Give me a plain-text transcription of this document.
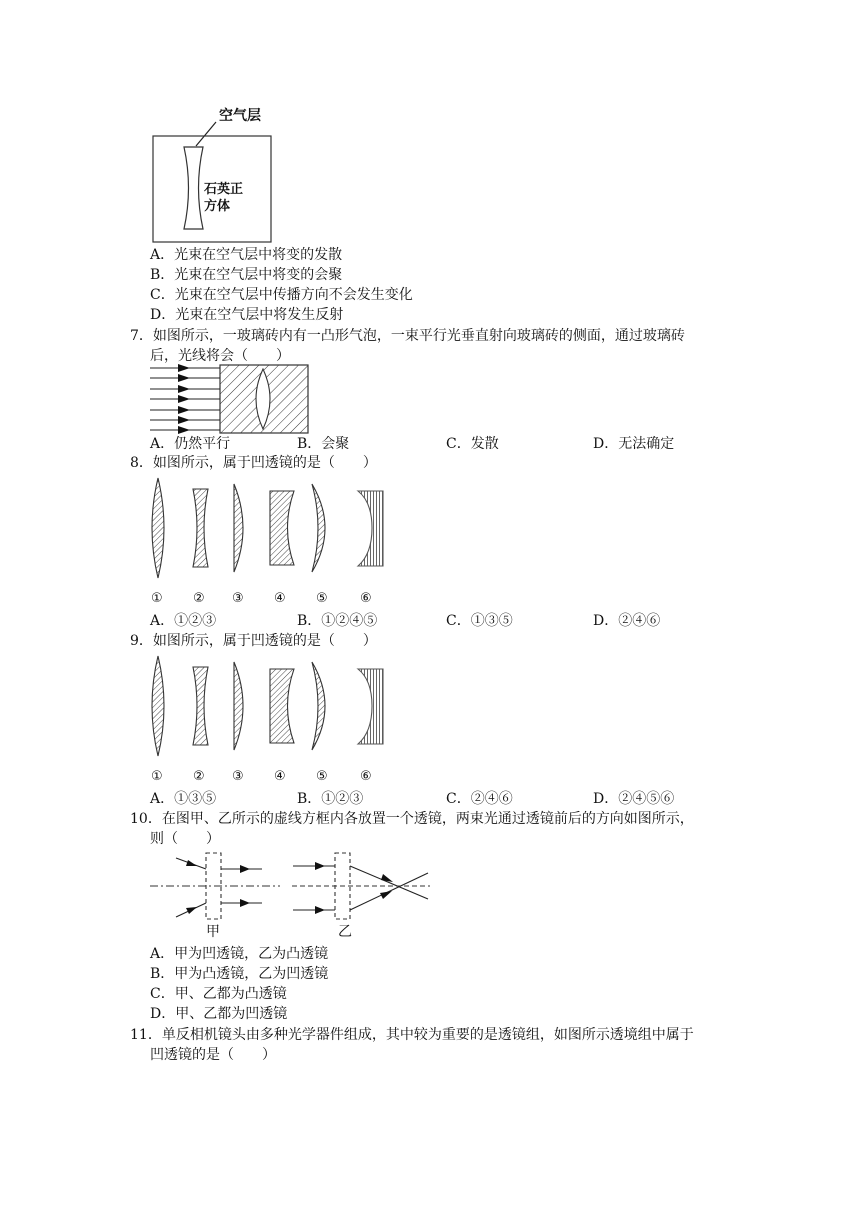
空气层
石英正
方体
A．光束在空气层中将变的发散
B．光束在空气层中将变的会聚
C．光束在空气层中传播方向不会发生变化
D．光束在空气层中将发生反射
7．如图所示，一玻璃砖内有一凸形气泡，一束平行光垂直射向玻璃砖的侧面，通过玻璃砖
后，光线将会（　　）
A．仍然平行	B．会聚	C．发散	D．无法确定
8．如图所示，属于凹透镜的是（　　）
① ② ③ ④ ⑤ ⑥
A．①②③	B．①②④⑤	C．①③⑤	D．②④⑥
9．如图所示，属于凹透镜的是（　　）
① ② ③ ④ ⑤ ⑥
A．①③⑤	B．①②③	C．②④⑥	D．②④⑤⑥
10．在图甲、乙所示的虚线方框内各放置一个透镜，两束光通过透镜前后的方向如图所示，
则（　　）
甲	乙
A．甲为凹透镜，乙为凸透镜
B．甲为凸透镜，乙为凹透镜
C．甲、乙都为凸透镜
D．甲、乙都为凹透镜
11．单反相机镜头由多种光学器件组成，其中较为重要的是透镜组，如图所示透境组中属于
凹透镜的是（　　）
